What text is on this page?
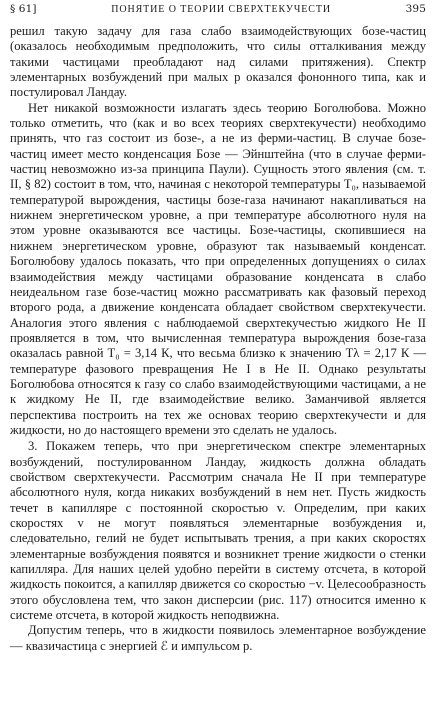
§ 61]	ПОНЯТИЕ О ТЕОРИИ СВЕРХТЕКУЧЕСТИ	395

решил такую задачу для газа слабо взаимодействующих бозе-частиц (оказалось необходимым предположить, что силы отталкивания между такими частицами преобладают над силами притяжения). Спектр элементарных возбуждений при малых p оказался фононного типа, как и постулировал Ландау.

Нет никакой возможности излагать здесь теорию Боголюбова. Можно только отметить, что (как и во всех теориях сверхтекучести) необходимо принять, что газ состоит из бозе-, а не из ферми-частиц. В случае бозе-частиц имеет место конденсация Бозе — Эйнштейна (что в случае ферми-частиц невозможно из-за принципа Паули). Сущность этого явления (см. т. II, § 82) состоит в том, что, начиная с некоторой температуры T₀, называемой температурой вырождения, частицы бозе-газа начинают накапливаться на нижнем энергетическом уровне, а при температуре абсолютного нуля на этом уровне оказываются все частицы. Бозе-частицы, скопившиеся на нижнем энергетическом уровне, образуют так называемый конденсат. Боголюбову удалось показать, что при определенных допущениях о силах взаимодействия между частицами образование конденсата в слабо неидеальном газе бозе-частиц можно рассматривать как фазовый переход второго рода, а движение конденсата обладает свойством сверхтекучести. Аналогия этого явления с наблюдаемой сверхтекучестью жидкого He II проявляется в том, что вычисленная температура вырождения бозе-газа оказалась равной T₀ = 3,14 К, что весьма близко к значению Tλ = 2,17 К — температуре фазового превращения He I в He II. Однако результаты Боголюбова относятся к газу со слабо взаимодействующими частицами, а не к жидкому He II, где взаимодействие велико. Заманчивой является перспектива построить на тех же основах теорию сверхтекучести и для жидкости, но до настоящего времени это сделать не удалось.

3. Покажем теперь, что при энергетическом спектре элементарных возбуждений, постулированном Ландау, жидкость должна обладать свойством сверхтекучести. Рассмотрим сначала He II при температуре абсолютного нуля, когда никаких возбуждений в нем нет. Пусть жидкость течет в капилляре с постоянной скоростью v. Определим, при каких скоростях v не могут появляться элементарные возбуждения и, следовательно, гелий не будет испытывать трения, а при каких скоростях элементарные возбуждения появятся и возникнет трение жидкости о стенки капилляра. Для наших целей удобно перейти в систему отсчета, в которой жидкость покоится, а капилляр движется со скоростью −v. Целесообразность этого обусловлена тем, что закон дисперсии (рис. 117) относится именно к системе отсчета, в которой жидкость неподвижна.

Допустим теперь, что в жидкости появилось элементарное возбуждение — квазичастица с энергией ℰ и импульсом p.
